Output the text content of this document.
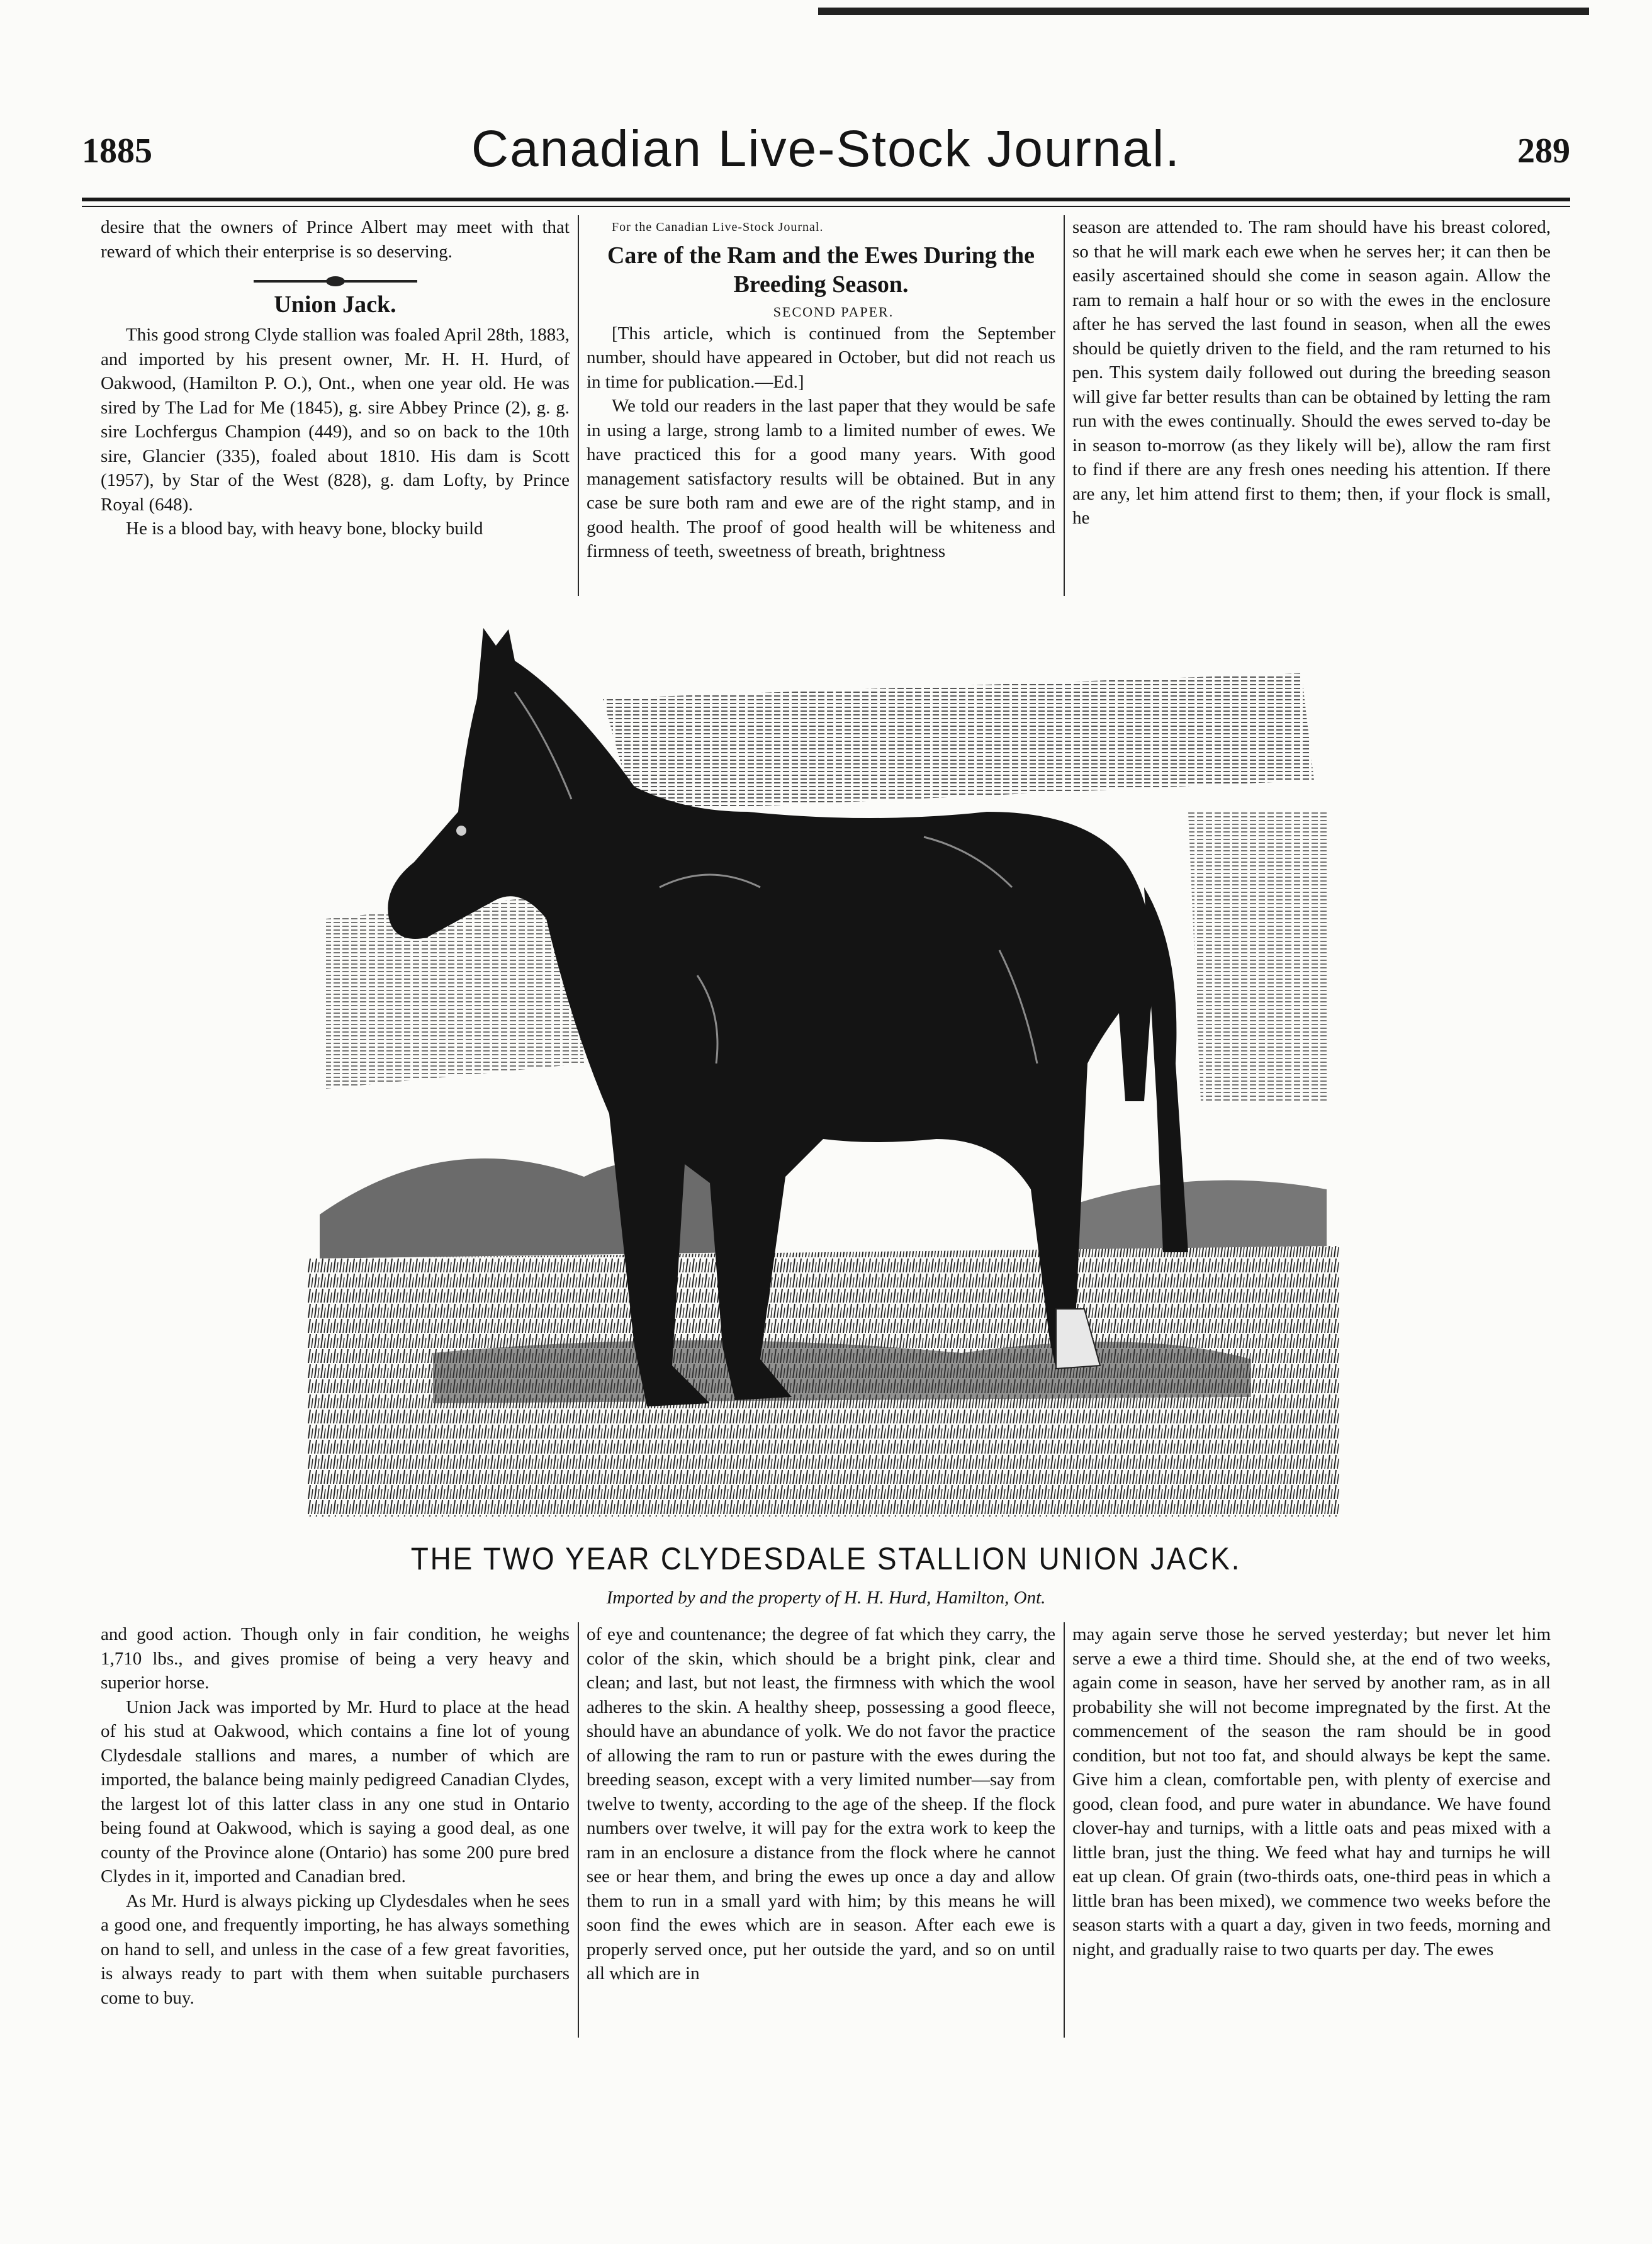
1885	Canadian Live-Stock Journal.	289

desire that the owners of Prince Albert may meet with that reward of which their enterprise is so deserving.

Union Jack.

This good strong Clyde stallion was foaled April 28th, 1883, and imported by his present owner, Mr. H. H. Hurd, of Oakwood, (Hamilton P. O.), Ont., when one year old. He was sired by The Lad for Me (1845), g. sire Abbey Prince (2), g. g. sire Lochfergus Champion (449), and so on back to the 10th sire, Glancier (335), foaled about 1810. His dam is Scott (1957), by Star of the West (828), g. dam Lofty, by Prince Royal (648).

He is a blood bay, with heavy bone, blocky build

For the Canadian Live-Stock Journal.

Care of the Ram and the Ewes During the Breeding Season.

SECOND PAPER.

[This article, which is continued from the September number, should have appeared in October, but did not reach us in time for publication.—Ed.]

We told our readers in the last paper that they would be safe in using a large, strong lamb to a limited number of ewes. We have practiced this for a good many years. With good management satisfactory results will be obtained. But in any case be sure both ram and ewe are of the right stamp, and in good health. The proof of good health will be whiteness and firmness of teeth, sweetness of breath, brightness

season are attended to. The ram should have his breast colored, so that he will mark each ewe when he serves her; it can then be easily ascertained should she come in season again. Allow the ram to remain a half hour or so with the ewes in the enclosure after he has served the last found in season, when all the ewes should be quietly driven to the field, and the ram returned to his pen. This system daily followed out during the breeding season will give far better results than can be obtained by letting the ram run with the ewes continually. Should the ewes served to-day be in season to-morrow (as they likely will be), allow the ram first to find if there are any fresh ones needing his attention. If there are any, let him attend first to them; then, if your flock is small, he

THE TWO YEAR CLYDESDALE STALLION UNION JACK.
Imported by and the property of H. H. Hurd, Hamilton, Ont.

and good action. Though only in fair condition, he weighs 1,710 lbs., and gives promise of being a very heavy and superior horse.

Union Jack was imported by Mr. Hurd to place at the head of his stud at Oakwood, which contains a fine lot of young Clydesdale stallions and mares, a number of which are imported, the balance being mainly pedigreed Canadian Clydes, the largest lot of this latter class in any one stud in Ontario being found at Oakwood, which is saying a good deal, as one county of the Province alone (Ontario) has some 200 pure bred Clydes in it, imported and Canadian bred.

As Mr. Hurd is always picking up Clydesdales when he sees a good one, and frequently importing, he has always something on hand to sell, and unless in the case of a few great favorities, is always ready to part with them when suitable purchasers come to buy.

of eye and countenance; the degree of fat which they carry, the color of the skin, which should be a bright pink, clear and clean; and last, but not least, the firmness with which the wool adheres to the skin. A healthy sheep, possessing a good fleece, should have an abundance of yolk. We do not favor the practice of allowing the ram to run or pasture with the ewes during the breeding season, except with a very limited number—say from twelve to twenty, according to the age of the sheep. If the flock numbers over twelve, it will pay for the extra work to keep the ram in an enclosure a distance from the flock where he cannot see or hear them, and bring the ewes up once a day and allow them to run in a small yard with him; by this means he will soon find the ewes which are in season. After each ewe is properly served once, put her outside the yard, and so on until all which are in

may again serve those he served yesterday; but never let him serve a ewe a third time. Should she, at the end of two weeks, again come in season, have her served by another ram, as in all probability she will not become impregnated by the first. At the commencement of the season the ram should be in good condition, but not too fat, and should always be kept the same. Give him a clean, comfortable pen, with plenty of exercise and good, clean food, and pure water in abundance. We have found clover-hay and turnips, with a little oats and peas mixed with a little bran, just the thing. We feed what hay and turnips he will eat up clean. Of grain (two-thirds oats, one-third peas in which a little bran has been mixed), we commence two weeks before the season starts with a quart a day, given in two feeds, morning and night, and gradually raise to two quarts per day. The ewes
